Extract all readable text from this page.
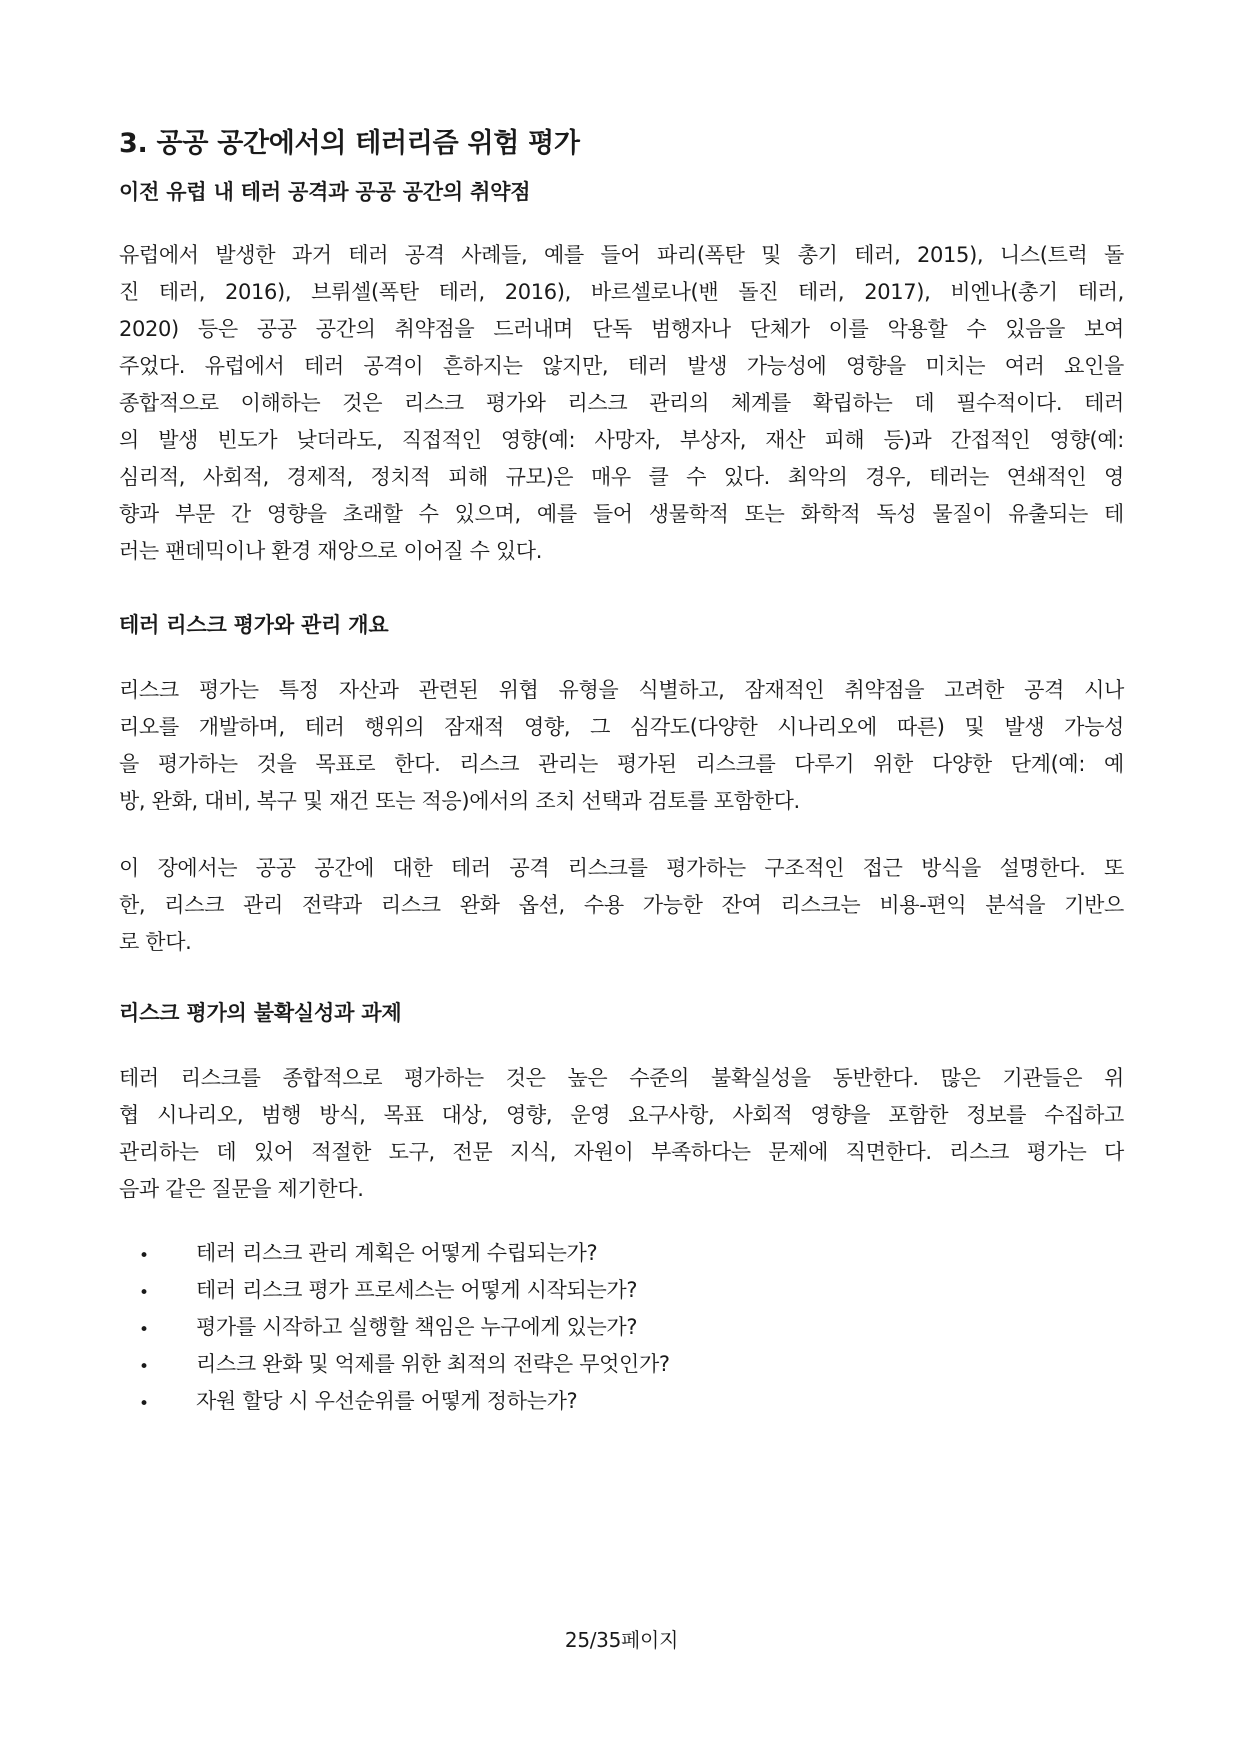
3. 공공 공간에서의 테러리즘 위험 평가
이전 유럽 내 테러 공격과 공공 공간의 취약점
유럽에서 발생한 과거 테러 공격 사례들, 예를 들어 파리(폭탄 및 총기 테러, 2015), 니스(트럭 돌
진 테러, 2016), 브뤼셀(폭탄 테러, 2016), 바르셀로나(밴 돌진 테러, 2017), 비엔나(총기 테러,
2020) 등은 공공 공간의 취약점을 드러내며 단독 범행자나 단체가 이를 악용할 수 있음을 보여
주었다. 유럽에서 테러 공격이 흔하지는 않지만, 테러 발생 가능성에 영향을 미치는 여러 요인을
종합적으로 이해하는 것은 리스크 평가와 리스크 관리의 체계를 확립하는 데 필수적이다. 테러
의 발생 빈도가 낮더라도, 직접적인 영향(예: 사망자, 부상자, 재산 피해 등)과 간접적인 영향(예:
심리적, 사회적, 경제적, 정치적 피해 규모)은 매우 클 수 있다. 최악의 경우, 테러는 연쇄적인 영
향과 부문 간 영향을 초래할 수 있으며, 예를 들어 생물학적 또는 화학적 독성 물질이 유출되는 테
러는 팬데믹이나 환경 재앙으로 이어질 수 있다.
테러 리스크 평가와 관리 개요
리스크 평가는 특정 자산과 관련된 위협 유형을 식별하고, 잠재적인 취약점을 고려한 공격 시나
리오를 개발하며, 테러 행위의 잠재적 영향, 그 심각도(다양한 시나리오에 따른) 및 발생 가능성
을 평가하는 것을 목표로 한다. 리스크 관리는 평가된 리스크를 다루기 위한 다양한 단계(예: 예
방, 완화, 대비, 복구 및 재건 또는 적응)에서의 조치 선택과 검토를 포함한다.
이 장에서는 공공 공간에 대한 테러 공격 리스크를 평가하는 구조적인 접근 방식을 설명한다. 또
한, 리스크 관리 전략과 리스크 완화 옵션, 수용 가능한 잔여 리스크는 비용-편익 분석을 기반으
로 한다.
리스크 평가의 불확실성과 과제
테러 리스크를 종합적으로 평가하는 것은 높은 수준의 불확실성을 동반한다. 많은 기관들은 위
협 시나리오, 범행 방식, 목표 대상, 영향, 운영 요구사항, 사회적 영향을 포함한 정보를 수집하고
관리하는 데 있어 적절한 도구, 전문 지식, 자원이 부족하다는 문제에 직면한다. 리스크 평가는 다
음과 같은 질문을 제기한다.
• 테러 리스크 관리 계획은 어떻게 수립되는가?
• 테러 리스크 평가 프로세스는 어떻게 시작되는가?
• 평가를 시작하고 실행할 책임은 누구에게 있는가?
• 리스크 완화 및 억제를 위한 최적의 전략은 무엇인가?
• 자원 할당 시 우선순위를 어떻게 정하는가?
25/35페이지
